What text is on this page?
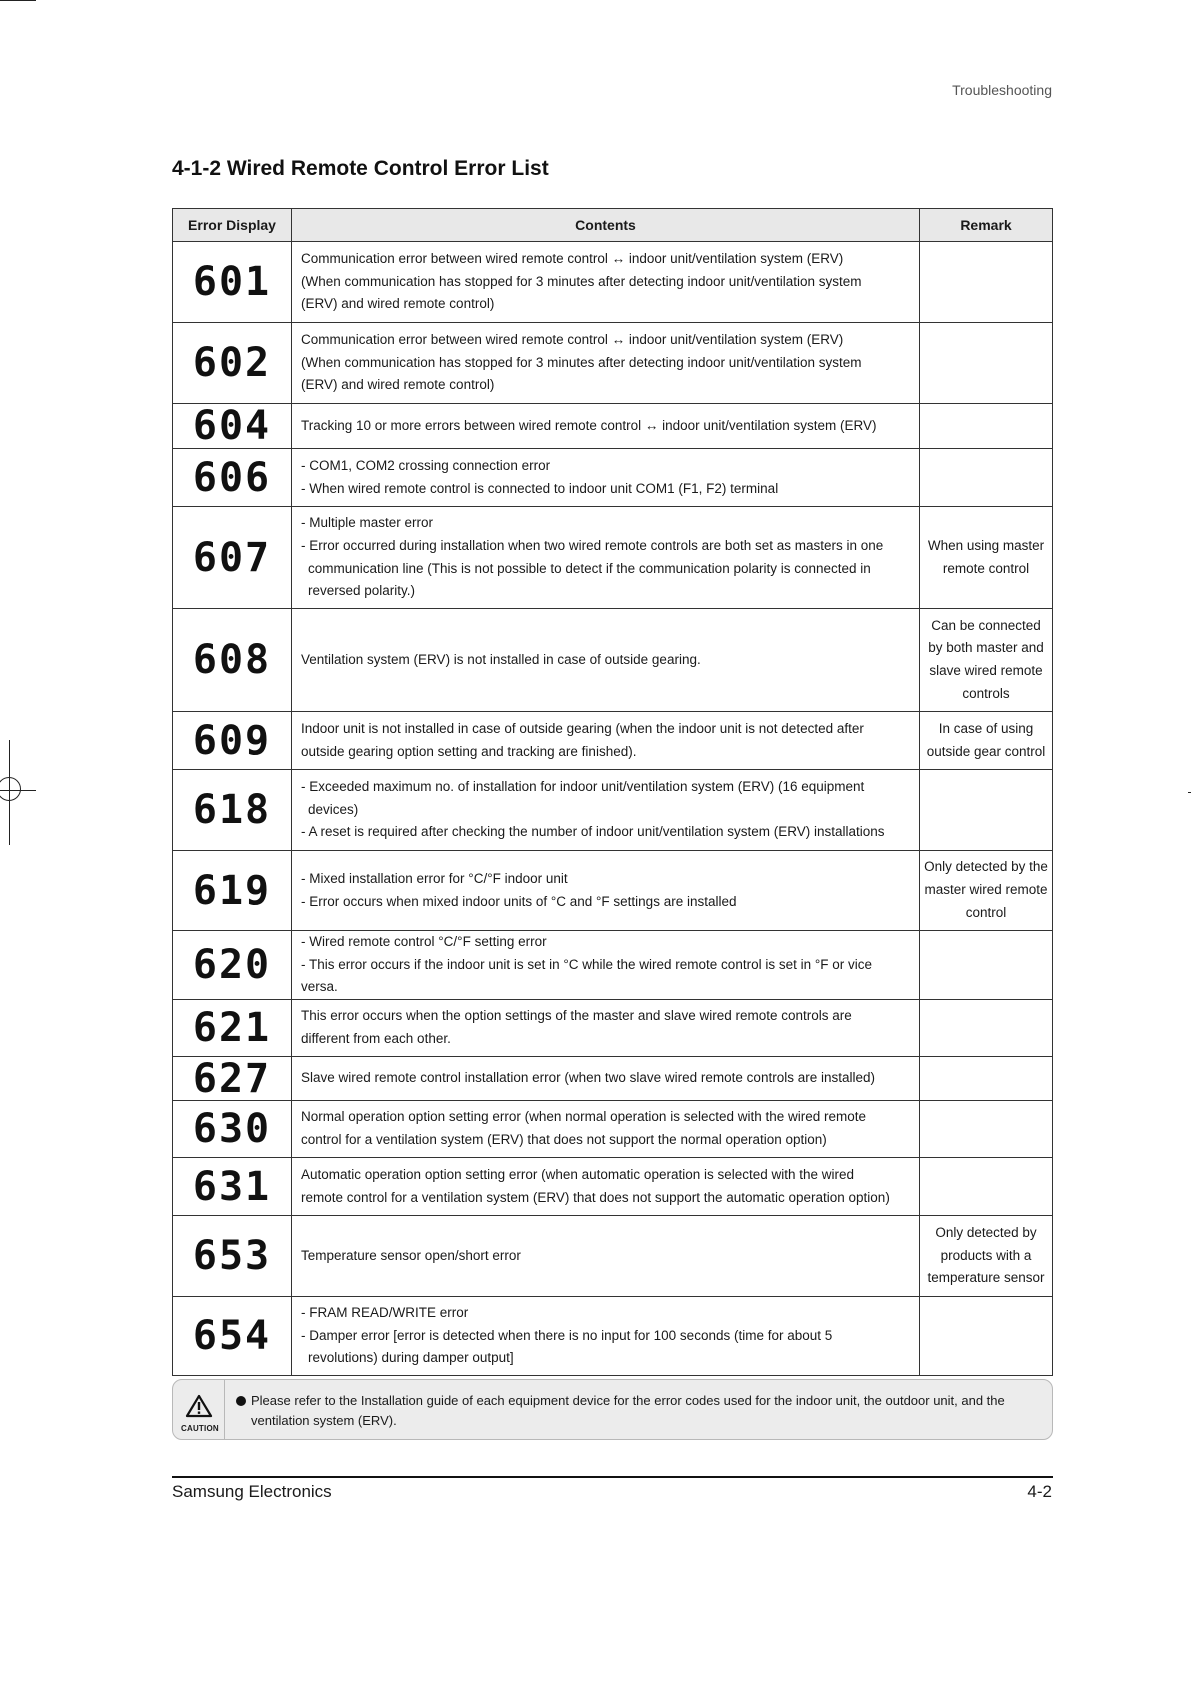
Troubleshooting
4-1-2 Wired Remote Control Error List
Error Display	Contents	Remark
601	Communication error between wired remote control ↔ indoor unit/ventilation system (ERV)
(When communication has stopped for 3 minutes after detecting indoor unit/ventilation system
(ERV) and wired remote control)	

602	Communication error between wired remote control ↔ indoor unit/ventilation system (ERV)
(When communication has stopped for 3 minutes after detecting indoor unit/ventilation system
(ERV) and wired remote control)	

604	Tracking 10 or more errors between wired remote control ↔ indoor unit/ventilation system (ERV)	

606	- COM1, COM2 crossing connection error
- When wired remote control is connected to indoor unit COM1 (F1, F2) terminal	

607	- Multiple master error
- Error occurred during installation when two wired remote controls are both set as masters in one
communication line (This is not possible to detect if the communication polarity is connected in
reversed polarity.)	When using master
remote control

608	Ventilation system (ERV) is not installed in case of outside gearing.	Can be connected
by both master and
slave wired remote
controls

609	Indoor unit is not installed in case of outside gearing (when the indoor unit is not detected after
outside gearing option setting and tracking are finished).	In case of using
outside gear control

618	- Exceeded maximum no. of installation for indoor unit/ventilation system (ERV) (16 equipment
devices)
- A reset is required after checking the number of indoor unit/ventilation system (ERV) installations	

619	- Mixed installation error for °C/°F indoor unit
- Error occurs when mixed indoor units of °C and °F settings are installed	Only detected by the
master wired remote
control

620	- Wired remote control °C/°F setting error
- This error occurs if the indoor unit is set in °C while the wired remote control is set in °F or vice versa.	

621	This error occurs when the option settings of the master and slave wired remote controls are
different from each other.	

627	Slave wired remote control installation error (when two slave wired remote controls are installed)	

630	Normal operation option setting error (when normal operation is selected with the wired remote
control for a ventilation system (ERV) that does not support the normal operation option)	

631	Automatic operation option setting error (when automatic operation is selected with the wired
remote control for a ventilation system (ERV) that does not support the automatic operation option)	

653	Temperature sensor open/short error	Only detected by
products with a
temperature sensor

654	- FRAM READ/WRITE error
- Damper error [error is detected when there is no input for 100 seconds (time for about 5
revolutions) during damper output]	

CAUTION
Please refer to the Installation guide of each equipment device for the error codes used for the indoor unit, the outdoor unit, and the
ventilation system (ERV).
Samsung Electronics	4-2
